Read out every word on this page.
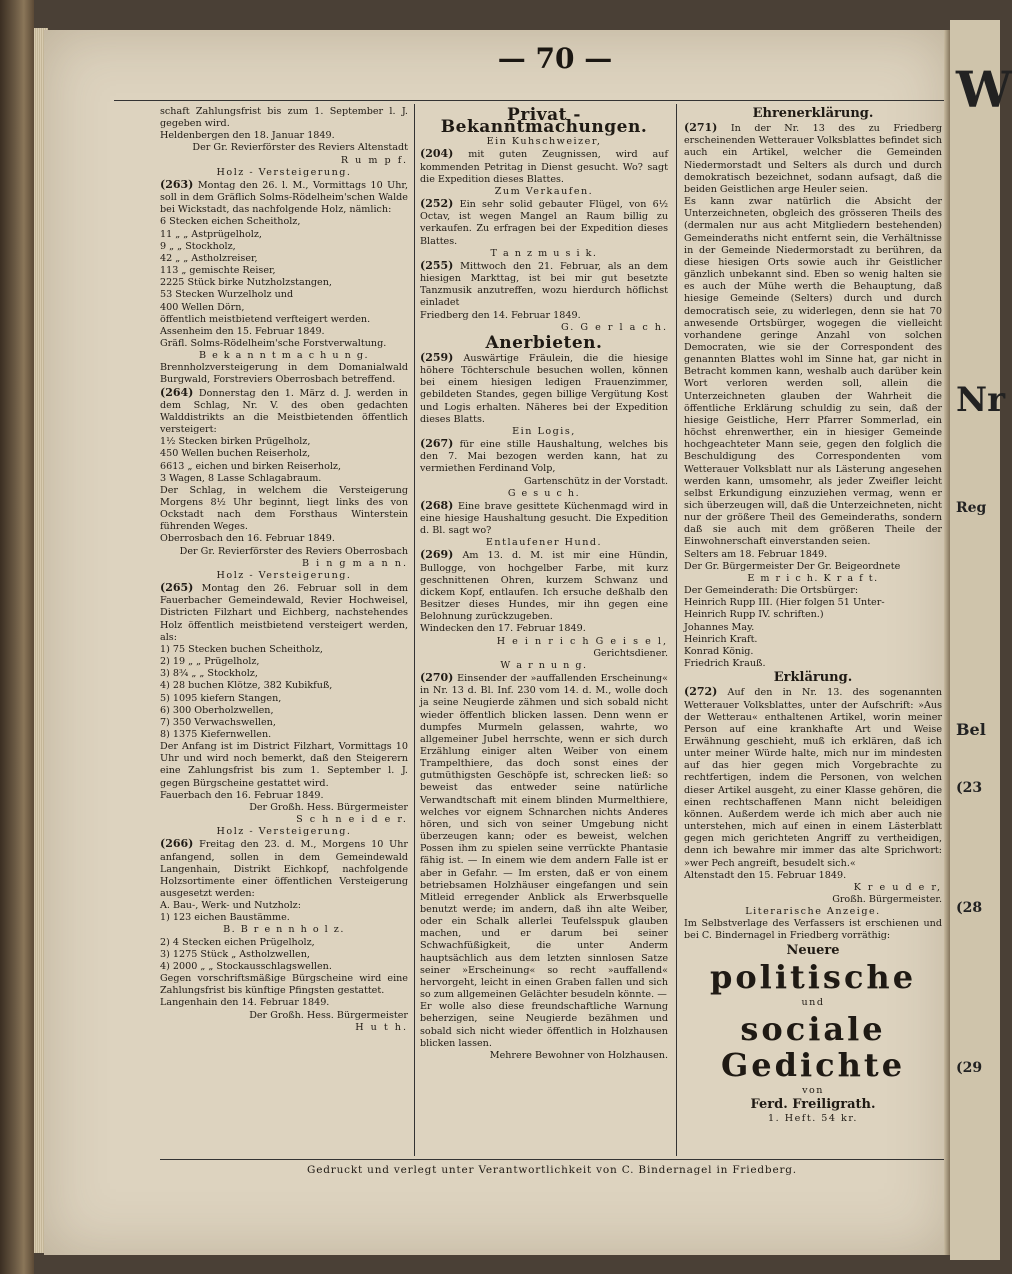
W
Nr
Reg
Bel
(23
(28
(29
— 70 —

schaft Zahlungsfrist bis zum 1. September l. J. gegeben wird.

Heldenbergen den 18. Januar 1849.

Der Gr. Revierförster des Reviers Altenstadt

R u m p f.

Holz - Versteigerung.

(263) Montag den 26. l. M., Vormittags 10 Uhr, soll in dem Gräflich Solms-Rödelheim'schen Walde bei Wickstadt, das nachfolgende Holz, nämlich:

6 Stecken eichen Scheitholz,

11 „ „ Astprügelholz,

9 „ „ Stockholz,

42 „ „ Astholzreiser,

113 „ gemischte Reiser,

2225 Stück birke Nutzholzstangen,

53 Stecken Wurzelholz und

400 Wellen Dörn,

öffentlich meistbietend verfteigert werden.

Assenheim den 15. Februar 1849.

Gräfl. Solms-Rödelheim'sche Forstverwaltung.

B e k a n n t m a c h u n g.

Brennholzversteigerung in dem Domanialwald Burgwald, Forstreviers Oberrosbach betreffend.

(264) Donnerstag den 1. März d. J. werden in dem Schlag, Nr. V. des oben gedachten Walddistrikts an die Meistbietenden öffentlich versteigert:

1½ Stecken birken Prügelholz,

450 Wellen buchen Reiserholz,

6613 „ eichen und birken Reiserholz,

3 Wagen, 8 Lasse Schlagabraum.

Der Schlag, in welchem die Versteigerung Morgens 8½ Uhr beginnt, liegt links des von Ockstadt nach dem Forsthaus Winterstein führenden Weges.

Oberrosbach den 16. Februar 1849.

Der Gr. Revierförster des Reviers Oberrosbach

B i n g m a n n.

Holz - Versteigerung.

(265) Montag den 26. Februar soll in dem Fauerbacher Gemeindewald, Revier Hochweisel, Districten Filzhart und Eichberg, nachstehendes Holz öffentlich meistbietend versteigert werden, als:

1) 75 Stecken buchen Scheitholz,

2) 19 „ „ Prügelholz,

3) 8¾ „ „ Stockholz,

4) 28 buchen Klötze, 382 Kubikfuß,

5) 1095 kiefern Stangen,

6) 300 Oberholzwellen,

7) 350 Verwachswellen,

8) 1375 Kiefernwellen.

Der Anfang ist im District Filzhart, Vormittags 10 Uhr und wird noch bemerkt, daß den Steigerern eine Zahlungsfrist bis zum 1. September l. J. gegen Bürgscheine gestattet wird.

Fauerbach den 16. Februar 1849.

Der Großh. Hess. Bürgermeister

S c h n e i d e r.

Holz - Versteigerung.

(266) Freitag den 23. d. M., Morgens 10 Uhr anfangend, sollen in dem Gemeindewald Langenhain, Distrikt Eichkopf, nachfolgende Holzsortimente einer öffentlichen Versteigerung ausgesetzt werden:

A. Bau-, Werk- und Nutzholz:

1) 123 eichen Baustämme.

B. B r e n n h o l z.

2) 4 Stecken eichen Prügelholz,

3) 1275 Stück „ Astholzwellen,

4) 2000 „ „ Stockausschlagswellen.

Gegen vorschriftsmäßige Bürgscheine wird eine Zahlungsfrist bis künftige Pfingsten gestattet.

Langenhain den 14. Februar 1849.

Der Großh. Hess. Bürgermeister

H u t h.

Privat - Bekanntmachungen.

Ein Kuhschweizer,

(204) mit guten Zeugnissen, wird auf kommenden Petritag in Dienst gesucht. Wo? sagt die Expedition dieses Blattes.

Zum Verkaufen.

(252) Ein sehr solid gebauter Flügel, von 6½ Octav, ist wegen Mangel an Raum billig zu verkaufen. Zu erfragen bei der Expedition dieses Blattes.

T a n z m u s i k.

(255) Mittwoch den 21. Februar, als an dem hiesigen Markttag, ist bei mir gut besetzte Tanzmusik anzutreffen, wozu hierdurch höflichst einladet

Friedberg den 14. Februar 1849.

G. G e r l a c h.

Anerbieten.

(259) Auswärtige Fräulein, die die hiesige höhere Töchterschule besuchen wollen, können bei einem hiesigen ledigen Frauenzimmer, gebildeten Standes, gegen billige Vergütung Kost und Logis erhalten. Näheres bei der Expedition dieses Blatts.

Ein Logis,

(267) für eine stille Haushaltung, welches bis den 7. Mai bezogen werden kann, hat zu vermiethen Ferdinand Volp,

Gartenschütz in der Vorstadt.

G e s u c h.

(268) Eine brave gesittete Küchenmagd wird in eine hiesige Haushaltung gesucht. Die Expedition d. Bl. sagt wo?

Entlaufener Hund.

(269) Am 13. d. M. ist mir eine Hündin, Bullogge, von hochgelber Farbe, mit kurz geschnittenen Ohren, kurzem Schwanz und dickem Kopf, entlaufen. Ich ersuche deßhalb den Besitzer dieses Hundes, mir ihn gegen eine Belohnung zurückzugeben.

Windecken den 17. Februar 1849.

H e i n r i c h G e i s e l,

Gerichtsdiener.

W a r n u n g.

(270) Einsender der »auffallenden Erscheinung« in Nr. 13 d. Bl. Inf. 230 vom 14. d. M., wolle doch ja seine Neugierde zähmen und sich sobald nicht wieder öffentlich blicken lassen. Denn wenn er dumpfes Murmeln gelassen, wahrte, wo allgemeiner Jubel herrschte, wenn er sich durch Erzählung einiger alten Weiber von einem Trampelthiere, das doch sonst eines der gutmüthigsten Geschöpfe ist, schrecken ließ: so beweist das entweder seine natürliche Verwandtschaft mit einem blinden Murmelthiere, welches vor eignem Schnarchen nichts Anderes hören, und sich von seiner Umgebung nicht überzeugen kann; oder es beweist, welchen Possen ihm zu spielen seine verrückte Phantasie fähig ist. — In einem wie dem andern Falle ist er aber in Gefahr. — Im ersten, daß er von einem betriebsamen Holzhäuser eingefangen und sein Mitleid erregender Anblick als Erwerbsquelle benutzt werde; im andern, daß ihn alte Weiber, oder ein Schalk allerlei Teufelsspuk glauben machen, und er darum bei seiner Schwachfüßigkeit, die unter Anderm hauptsächlich aus dem letzten sinnlosen Satze seiner »Erscheinung« so recht »auffallend« hervorgeht, leicht in einen Graben fallen und sich so zum allgemeinen Gelächter besudeln könnte. —

Er wolle also diese freundschaftliche Warnung beherzigen, seine Neugierde bezähmen und sobald sich nicht wieder öffentlich in Holzhausen blicken lassen.

Mehrere Bewohner von Holzhausen.

Ehrenerklärung.

(271) In der Nr. 13 des zu Friedberg erscheinenden Wetterauer Volksblattes befindet sich auch ein Artikel, welcher die Gemeinden Niedermorstadt und Selters als durch und durch demokratisch bezeichnet, sodann aufsagt, daß die beiden Geistlichen arge Heuler seien.

Es kann zwar natürlich die Absicht der Unterzeichneten, obgleich des grösseren Theils des (dermalen nur aus acht Mitgliedern bestehenden) Gemeinderaths nicht entfernt sein, die Verhältnisse in der Gemeinde Niedermorstadt zu berühren, da diese hiesigen Orts sowie auch ihr Geistlicher gänzlich unbekannt sind. Eben so wenig halten sie es auch der Mühe werth die Behauptung, daß hiesige Gemeinde (Selters) durch und durch democratisch seie, zu widerlegen, denn sie hat 70 anwesende Ortsbürger, wogegen die vielleicht vorhandene geringe Anzahl von solchen Democraten, wie sie der Correspondent des genannten Blattes wohl im Sinne hat, gar nicht in Betracht kommen kann, weshalb auch darüber kein Wort verloren werden soll, allein die Unterzeichneten glauben der Wahrheit die öffentliche Erklärung schuldig zu sein, daß der hiesige Geistliche, Herr Pfarrer Sommerlad, ein höchst ehrenwerther, ein in hiesiger Gemeinde hochgeachteter Mann seie, gegen den folglich die Beschuldigung des Correspondenten vom Wetterauer Volksblatt nur als Lästerung angesehen werden kann, umsomehr, als jeder Zweifler leicht selbst Erkundigung einzuziehen vermag, wenn er sich überzeugen will, daß die Unterzeichneten, nicht nur der größere Theil des Gemeinderaths, sondern daß sie auch mit dem größeren Theile der Einwohnerschaft einverstanden seien.

Selters am 18. Februar 1849.

Der Gr. Bürgermeister Der Gr. Beigeordnete

E m r i c h. K r a f t.

Der Gemeinderath: Die Ortsbürger:

Heinrich Rupp III. (Hier folgen 51 Unter-

Heinrich Rupp IV. schriften.)

Johannes May.

Heinrich Kraft.

Konrad König.

Friedrich Krauß.

Erklärung.

(272) Auf den in Nr. 13. des sogenannten Wetterauer Volksblattes, unter der Aufschrift: »Aus der Wetterau« enthaltenen Artikel, worin meiner Person auf eine krankhafte Art und Weise Erwähnung geschieht, muß ich erklären, daß ich unter meiner Würde halte, mich nur im mindesten auf das hier gegen mich Vorgebrachte zu rechtfertigen, indem die Personen, von welchen dieser Artikel ausgeht, zu einer Klasse gehören, die einen rechtschaffenen Mann nicht beleidigen können. Außerdem werde ich mich aber auch nie unterstehen, mich auf einen in einem Lästerblatt gegen mich gerichteten Angriff zu vertheidigen, denn ich bewahre mir immer das alte Sprichwort: »wer Pech angreift, besudelt sich.«

Altenstadt den 15. Februar 1849.

K r e u d e r,

Großh. Bürgermeister.

Literarische Anzeige.

Im Selbstverlage des Verfassers ist erschienen und bei C. Bindernagel in Friedberg vorräthig:

Neuere
politische

und

sociale Gedichte

von

Ferd. Freiligrath.

1. Heft. 54 kr.

Gedruckt und verlegt unter Verantwortlichkeit von C. Bindernagel in Friedberg.
